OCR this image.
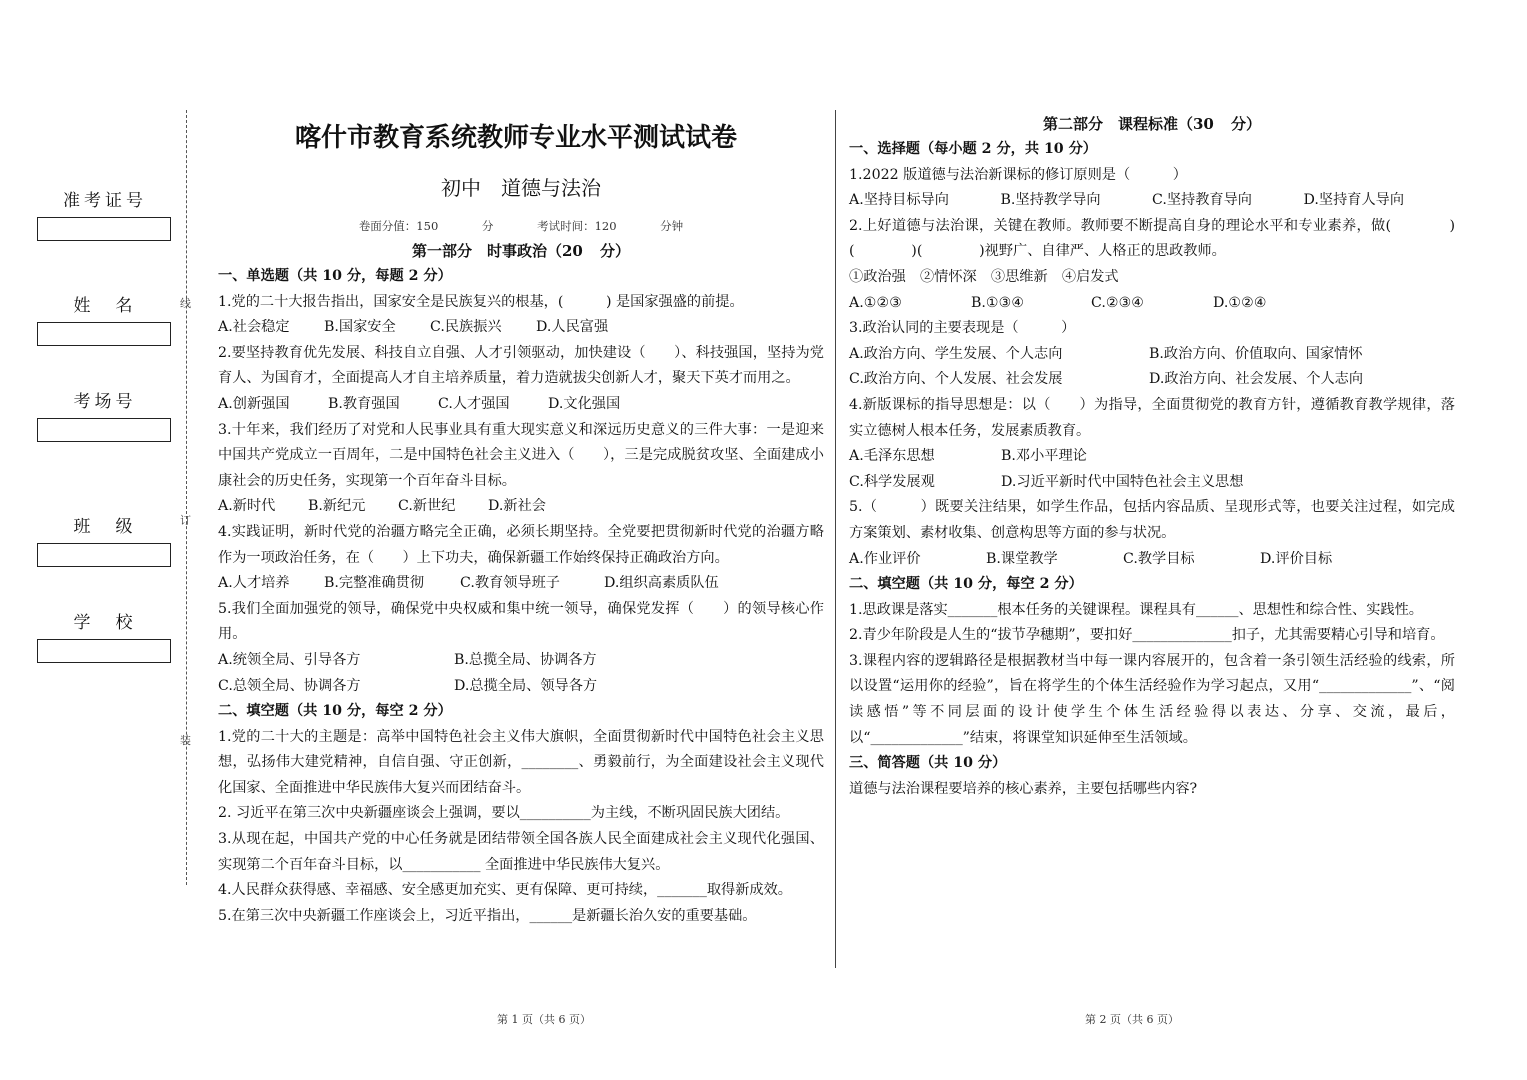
准考证号
姓　名
考场号
班　级
学　校
线
订
装

喀什市教育系统教师专业水平测试试卷

初中　道德与法治

卷面分值：150 分	考试时间：120 分钟

第一部分　时事政治（20 分）

一、单选题（共 10 分，每题 2 分）

1.党的二十大报告指出，国家安全是民族复兴的根基，(　　　) 是国家强盛的前提。

A.社会稳定	B.国家安全	C.民族振兴	D.人民富强

2.要坚持教育优先发展、科技自立自强、人才引领驱动，加快建设（　　）、科技强国，坚持为党育人、为国育才，全面提高人才自主培养质量，着力造就拔尖创新人才，聚天下英才而用之。

A.创新强国	B.教育强国	C.人才强国	D.文化强国

3.十年来，我们经历了对党和人民事业具有重大现实意义和深远历史意义的三件大事：一是迎来中国共产党成立一百周年，二是中国特色社会主义进入（　　），三是完成脱贫攻坚、全面建成小康社会的历史任务，实现第一个百年奋斗目标。

A.新时代	B.新纪元	C.新世纪	D.新社会

4.实践证明，新时代党的治疆方略完全正确，必须长期坚持。全党要把贯彻新时代党的治疆方略作为一项政治任务，在（　　）上下功夫，确保新疆工作始终保持正确政治方向。

A.人才培养	B.完整准确贯彻	C.教育领导班子	D.组织高素质队伍

5.我们全面加强党的领导，确保党中央权威和集中统一领导，确保党发挥（　　）的领导核心作用。

A.统领全局、引导各方	B.总揽全局、协调各方
C.总领全局、协调各方	D.总揽全局、领导各方

二、填空题（共 10 分，每空 2 分）

1.党的二十大的主题是：高举中国特色社会主义伟大旗帜，全面贯彻新时代中国特色社会主义思想，弘扬伟大建党精神，自信自强、守正创新，________、勇毅前行，为全面建设社会主义现代化国家、全面推进中华民族伟大复兴而团结奋斗。

2. 习近平在第三次中央新疆座谈会上强调，要以__________为主线，不断巩固民族大团结。

3.从现在起，中国共产党的中心任务就是团结带领全国各族人民全面建成社会主义现代化强国、实现第二个百年奋斗目标，以___________ 全面推进中华民族伟大复兴。

4.人民群众获得感、幸福感、安全感更加充实、更有保障、更可持续，_______取得新成效。

5.在第三次中央新疆工作座谈会上，习近平指出，______是新疆长治久安的重要基础。

第二部分　课程标准（30 分）

一、选择题（每小题 2 分，共 10 分）

1.2022 版道德与法治新课标的修订原则是（　　　）

A.坚持目标导向	B.坚持教学导向	C.坚持教育导向	D.坚持育人导向

2.上好道德与法治课，关键在教师。教师要不断提高自身的理论水平和专业素养，做(　　　　)(　　　　)(　　　　)视野广、自律严、人格正的思政教师。

①政治强　②情怀深　③思维新　④启发式

A.①②③	B.①③④	C.②③④	D.①②④

3.政治认同的主要表现是（　　　）

A.政治方向、学生发展、个人志向	B.政治方向、价值取向、国家情怀
C.政治方向、个人发展、社会发展	D.政治方向、社会发展、个人志向

4.新版课标的指导思想是：以（　　）为指导，全面贯彻党的教育方针，遵循教育教学规律，落实立德树人根本任务，发展素质教育。

A.毛泽东思想	B.邓小平理论
C.科学发展观	D.习近平新时代中国特色社会主义思想

5.（　　　）既要关注结果，如学生作品，包括内容品质、呈现形式等，也要关注过程，如完成方案策划、素材收集、创意构思等方面的参与状况。

A.作业评价	B.课堂教学	C.教学目标	D.评价目标

二、填空题（共 10 分，每空 2 分）

1.思政课是落实_______根本任务的关键课程。课程具有______、思想性和综合性、实践性。

2.青少年阶段是人生的“拔节孕穗期”，要扣好______________扣子，尤其需要精心引导和培育。

3.课程内容的逻辑路径是根据教材当中每一课内容展开的，包含着一条引领生活经验的线索，所以设置“运用你的经验”，旨在将学生的个体生活经验作为学习起点，又用“_____________”、“阅读感悟”等不同层面的设计使学生个体生活经验得以表达、分享、交流，最后，以“_____________”结束，将课堂知识延伸至生活领域。

三、简答题（共 10 分）

道德与法治课程要培养的核心素养，主要包括哪些内容?

第 1 页（共 6 页）	第 2 页（共 6 页）
